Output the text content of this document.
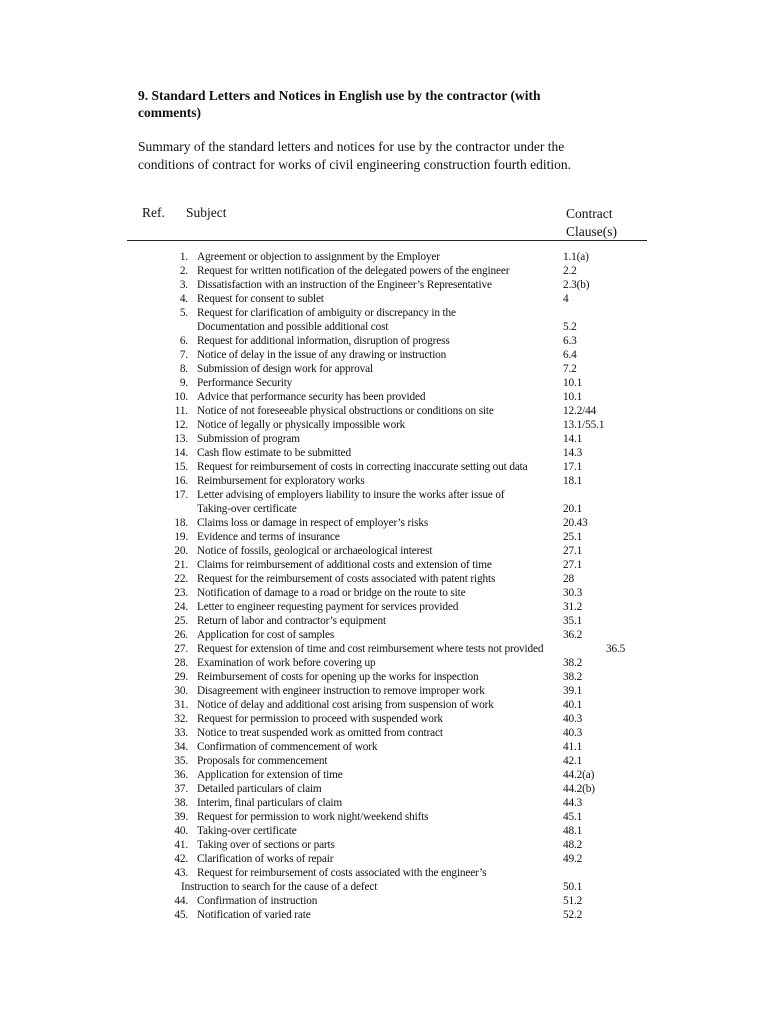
9. Standard Letters and Notices in English use by the contractor (with
comments)
Summary of the standard letters and notices for use by the contractor under the
conditions of contract for works of civil engineering construction fourth edition.
Ref. Subject	Contract
Clause(s)
1. Agreement or objection to assignment by the Employer	1.1(a)
2. Request for written notification of the delegated powers of the engineer	2.2
3. Dissatisfaction with an instruction of the Engineer’s Representative	2.3(b)
4. Request for consent to sublet	4
5. Request for clarification of ambiguity or discrepancy in the
Documentation and possible additional cost	5.2
6. Request for additional information, disruption of progress	6.3
7. Notice of delay in the issue of any drawing or instruction	6.4
8. Submission of design work for approval	7.2
9. Performance Security	10.1
10. Advice that performance security has been provided	10.1
11. Notice of not foreseeable physical obstructions or conditions on site	12.2/44
12. Notice of legally or physically impossible work	13.1/55.1
13. Submission of program	14.1
14. Cash flow estimate to be submitted	14.3
15. Request for reimbursement of costs in correcting inaccurate setting out data	17.1
16. Reimbursement for exploratory works	18.1
17. Letter advising of employers liability to insure the works after issue of
Taking-over certificate	20.1
18. Claims loss or damage in respect of employer’s risks	20.43
19. Evidence and terms of insurance	25.1
20. Notice of fossils, geological or archaeological interest	27.1
21. Claims for reimbursement of additional costs and extension of time	27.1
22. Request for the reimbursement of costs associated with patent rights	28
23. Notification of damage to a road or bridge on the route to site	30.3
24. Letter to engineer requesting payment for services provided	31.2
25. Return of labor and contractor’s equipment	35.1
26. Application for cost of samples	36.2
27. Request for extension of time and cost reimbursement where tests not provided	36.5
28. Examination of work before covering up	38.2
29. Reimbursement of costs for opening up the works for inspection	38.2
30. Disagreement with engineer instruction to remove improper work	39.1
31. Notice of delay and additional cost arising from suspension of work	40.1
32. Request for permission to proceed with suspended work	40.3
33. Notice to treat suspended work as omitted from contract	40.3
34. Confirmation of commencement of work	41.1
35. Proposals for commencement	42.1
36. Application for extension of time	44.2(a)
37. Detailed particulars of claim	44.2(b)
38. Interim, final particulars of claim	44.3
39. Request for permission to work night/weekend shifts	45.1
40. Taking-over certificate	48.1
41. Taking over of sections or parts	48.2
42. Clarification of works of repair	49.2
43. Request for reimbursement of costs associated with the engineer’s
Instruction to search for the cause of a defect	50.1
44. Confirmation of instruction	51.2
45. Notification of varied rate	52.2
